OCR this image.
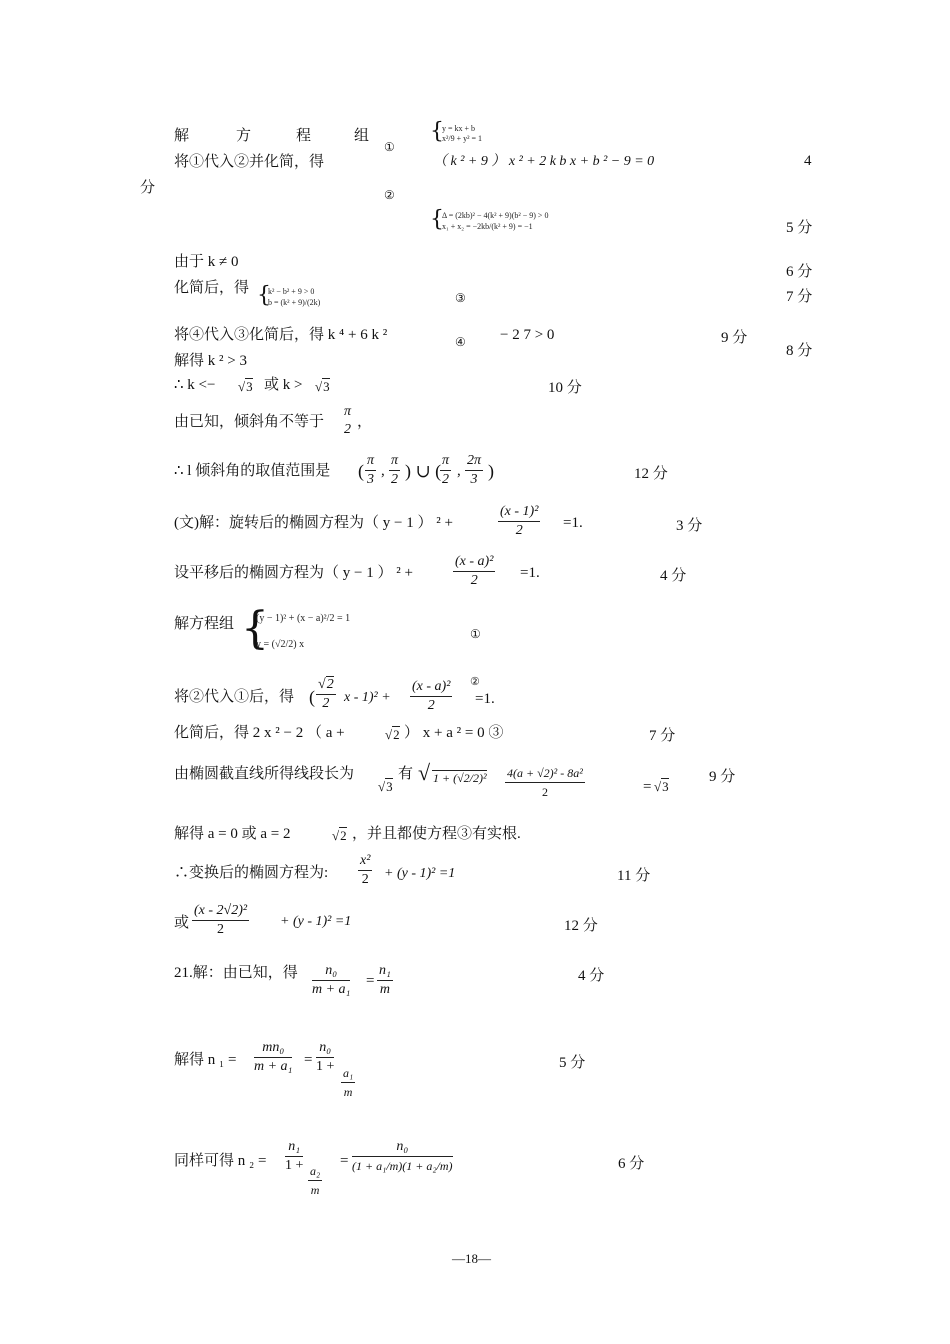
解	方	程	组
①
{
y = kx + b
x²/9 + y² = 1
将①代入②并化简，得	（ k ² + 9 ） x ² + 2 k b x + b ² − 9 = 0	4
分	②
{
Δ = (2kb)² − 4(k² + 9)(b² − 9) > 0
x₁ + x₂ = −2kb/(k² + 9) = −1	5 分
由于 k ≠ 0
6 分
化简后，得 {
k² − b² + 9 > 0
b = (k² + 9)/(2k)	③	7 分
将④代入③化简后，得 k ⁴ + 6 k ²	④ − 2 7 > 0	9 分
8 分
解得 k ² > 3
∴ k <− √3 或 k > √3	10 分
由已知，倾斜角不等于
π
2 ，
∴ l 倾斜角的取值范围是 ( $\frac{\pi}{3}$ , $\frac{\pi}{2}$ ) ∪ (
$\frac{\pi}{2}$ , $\frac{2\pi}{3}$ )	12 分
(文)解：旋转后的椭圆方程为（ y − 1 ） ² +	$\frac{\text{(x - 1)²}}{2} =1$.	3 分
设平移后的椭圆方程为（ y − 1 ） ² +	$\frac{\text{(x - a)²}}{2} =1$.	4 分
解方程组 {
(y − 1)² + (x − a)²/2 = 1
y = (√2/2) x
①
将②代入①后，得 ( $\frac{√2}{2}$ $x - 1)^2 + \frac{\text{(x - a)²}}{2}$ ②
=1.
化简后，得 2 x ² − 2 （ a +	√2 ） x + a ² = 0 ③	7 分
由椭圆截直线所得线段长为
√3
有 √ $1 + (√2/2)^2 \frac{\text{4(a + √2)² - 8a²}}{2}$	= √3
9 分
解得 a = 0 或 a = 2	√2 ，并且都使方程③有实根.
∴变换后的椭圆方程为: $\frac{\text{x²}}{2} + (y - 1)^2 =1$	11 分
或 $\frac{\text{(x - 2√2)²}}{2} + (y - 1)^2 =1$	12 分
21.解：由已知，得 $\frac{\text{n₀}}{\text{m + a₁}} = \frac{\text{n₁}}{m}$	4 分
解得 n $_1 = \frac{\text{mn₀}}{\text{m + a₁}} = \frac{\text{n₀}}{1 +}$
$\frac{\text{a₁}}{m}$
5 分
同样可得 n $_2 = \frac{\text{n₁}}{1 +}$
$\frac{\text{a₂}}{m}$
= $\frac{\text{n₀}}{\text{(1 + a₁/m)(1 + a₂/m)}}$	6 分
—18—
